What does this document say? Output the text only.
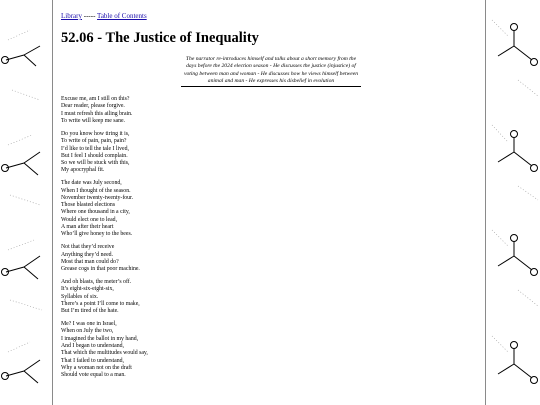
Library ----- Table of Contents
52.06 - The Justice of Inequality
The narrator re-introduces himself and talks about a short memory from the days before the 2024 election season - He discusses the justice (injustice) of voting between man and woman - He discusses how he views himself between animal and man - He expresses his disbelief in evolution
Excuse me, am I still on this?
Dear reader, please forgive.
I must refresh this ailing brain.
To write will keep me sane.
Do you know how tiring it is,
To write of pain, pain, pain?
I’d like to tell the tale I lived,
But I feel I should complain.
So we will be stuck with this,
My apocryphal fit.
The date was July second,
When I thought of the season.
November twenty-twenty-four.
Those blasted elections
Where one thousand in a city,
Would elect one to lead,
A man after their heart
Who’ll give honey to the bees.
Not that they’d receive
Anything they’d need.
Most that man could do?
Grease cogs in that poor machine.
And oh blasts, the meter’s off.
It’s eight-six-eight-six,
Syllables of six.
There’s a point I’ll come to make,
But I’m tired of the hate.
Me? I was one in Israel,
When on July the two,
I imagined the ballot in my hand,
And I began to understand,
That which the multitudes would say,
That I failed to understand,
Why a woman not on the draft
Should vote equal to a man.
